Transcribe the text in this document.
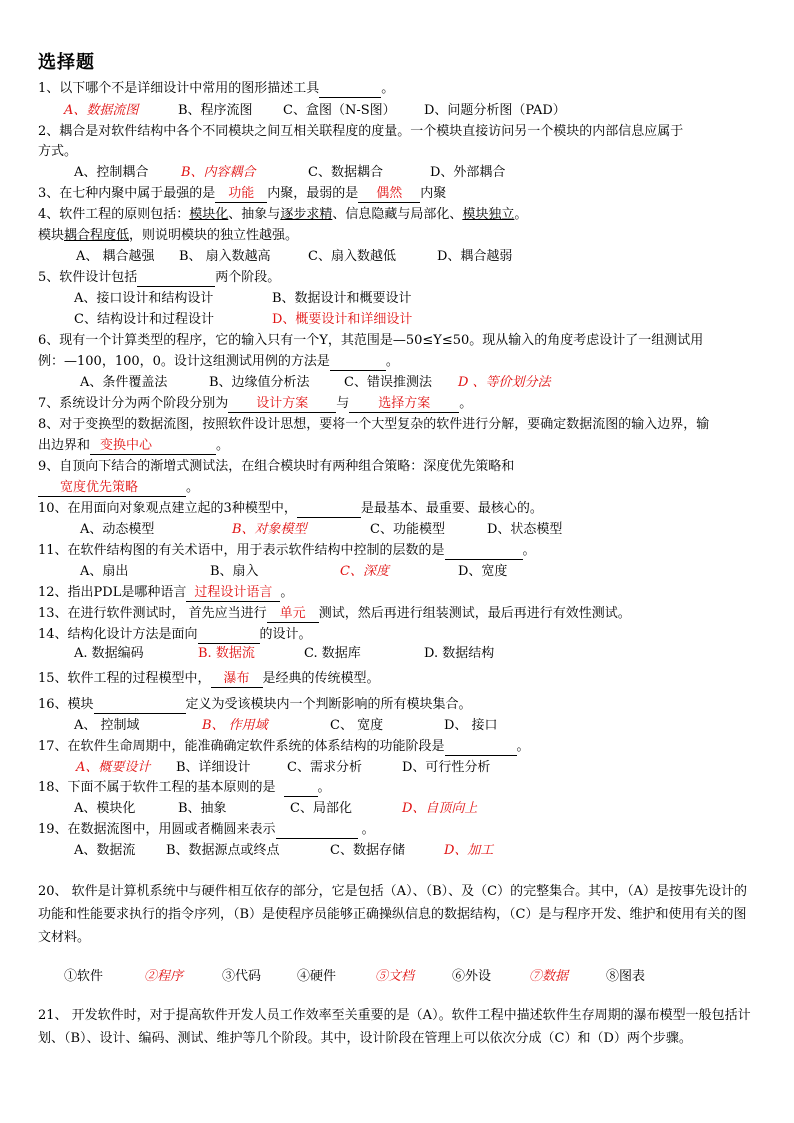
选择题
1、以下哪个不是详细设计中常用的图形描述工具	。
A、数据流图	B、程序流图 C、盒图（N-S图） D、问题分析图（PAD）
2、耦合是对软件结构中各个不同模块之间互相关联程度的度量。一个模块直接访问另一个模块的内部信息应属于
方式。
A、控制耦合	B、内容耦合	C、数据耦合	D、外部耦合
3、在七种内聚中属于最强的是 功能 内聚，最弱的是 偶然 内聚
4、软件工程的原则包括：模块化、抽象与逐步求精、信息隐藏与局部化、模块独立。
模块耦合程度低，则说明模块的独立性越强。
A、 耦合越强 B、 扇入数越高	C、扇入数越低	D、耦合越弱
5、软件设计包括	两个阶段。
A、接口设计和结构设计	B、数据设计和概要设计
C、结构设计和过程设计	D、概要设计和详细设计
6、现有一个计算类型的程序，它的输入只有一个Y，其范围是—50≤Y≤50。现从输入的角度考虑设计了一组测试用
例：—100，100，0。设计这组测试用例的方法是	。
A、条件覆盖法	B、边缘值分析法	C、错误推测法 D 、等价划分法
7、系统设计分为两个阶段分别为 设计方案 与 选择方案 。
8、对于变换型的数据流图，按照软件设计思想，要将一个大型复杂的软件进行分解，要确定数据流图的输入边界，输
出边界和 变换中心	。
9、自顶向下结合的渐增式测试法，在组合模块时有两种组合策略：深度优先策略和
宽度优先策略	。
10、在用面向对象观点建立起的3种模型中，	是最基本、最重要、最核心的。
A、动态模型	B、对象模型	C、功能模型	D、状态模型
11、在软件结构图的有关术语中，用于表示软件结构中控制的层数的是	。
A、扇出	B、扇入	C、深度	D、宽度
12、指出PDL是哪种语言 过程设计语言 。
13、在进行软件测试时， 首先应当进行 单元 测试，然后再进行组装测试，最后再进行有效性测试。
14、结构化设计方法是面向	的设计。
A. 数据编码	B. 数据流	C. 数据库	D. 数据结构
15、软件工程的过程模型中， 瀑布 是经典的传统模型。
16、模块	定义为受该模块内一个判断影响的所有模块集合。
A、 控制域	B、 作用域	C、 宽度	D、 接口
17、在软件生命周期中，能准确确定软件系统的体系结构的功能阶段是	。
A、概要设计 B、详细设计	C、需求分析	D、可行性分析
18、下面不属于软件工程的基本原则的是	。
A、模块化	B、抽象	C、局部化	D、自顶向上
19、在数据流图中，用圆或者椭圆来表示	。
A、数据流 B、数据源点或终点	C、数据存储	D、加工
20、 软件是计算机系统中与硬件相互依存的部分，它是包括（A）、（B）、及（C）的完整集合。其中，（A）是按事先设计的功能和性能要求执行的指令序列，（B）是使程序员能够正确操纵信息的数据结构，（C）是与程序开发、维护和使用有关的图文材料。
①软件	②程序	③代码	④硬件	⑤文档	⑥外设	⑦数据	⑧图表
21、 开发软件时，对于提高软件开发人员工作效率至关重要的是（A）。软件工程中描述软件生存周期的瀑布模型一般包括计划、（B）、设计、编码、测试、维护等几个阶段。其中，设计阶段在管理上可以依次分成（C）和（D）两个步骤。
